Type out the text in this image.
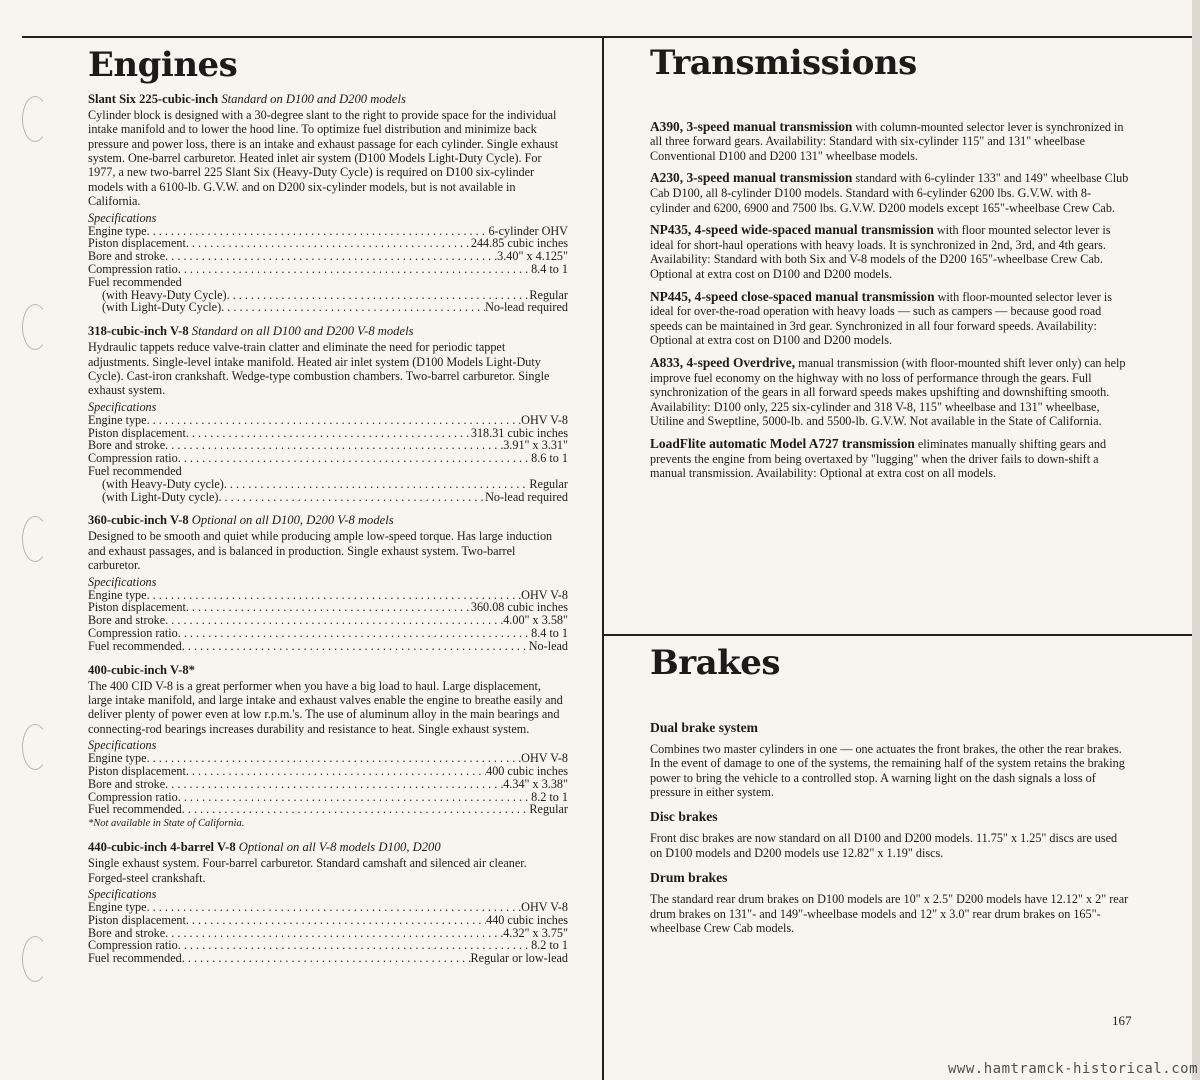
Engines

Slant Six 225-cubic-inch Standard on D100 and D200 models

Cylinder block is designed with a 30-degree slant to the right to provide space for the individual intake manifold and to lower the hood line. To optimize fuel distribution and minimize back pressure and power loss, there is an intake and exhaust passage for each cylinder. Single exhaust system. One-barrel carburetor. Heated inlet air system (D100 Models Light-Duty Cycle). For 1977, a new two-barrel 225 Slant Six (Heavy-Duty Cycle) is required on D100 six-cylinder models with a 6100-lb. G.V.W. and on D200 six-cylinder models, but is not available in California.

Specifications

Engine type . . .	6-cylinder OHV
Piston displacement . . .	244.85 cubic inches
Bore and stroke . . .	3.40" x 4.125"
Compression ratio . . .	8.4 to 1
Fuel recommended
(with Heavy-Duty Cycle) . . .	Regular
(with Light-Duty Cycle) . . .	No-lead required

318-cubic-inch V-8 Standard on all D100 and D200 V-8 models

Hydraulic tappets reduce valve-train clatter and eliminate the need for periodic tappet adjustments. Single-level intake manifold. Heated air inlet system (D100 Models Light-Duty Cycle). Cast-iron crankshaft. Wedge-type combustion chambers. Two-barrel carburetor. Single exhaust system.

Specifications

Engine type . . .	OHV V-8
Piston displacement . . .	318.31 cubic inches
Bore and stroke . . .	3.91" x 3.31"
Compression ratio . . .	8.6 to 1
Fuel recommended
(with Heavy-Duty cycle) . . .	Regular
(with Light-Duty cycle) . . .	No-lead required

360-cubic-inch V-8 Optional on all D100, D200 V-8 models

Designed to be smooth and quiet while producing ample low-speed torque. Has large induction and exhaust passages, and is balanced in production. Single exhaust system. Two-barrel carburetor.

Specifications

Engine type . . .	OHV V-8
Piston displacement . . .	360.08 cubic inches
Bore and stroke . . .	4.00" x 3.58"
Compression ratio . . .	8.4 to 1
Fuel recommended . . .	No-lead

400-cubic-inch V-8*

The 400 CID V-8 is a great performer when you have a big load to haul. Large displacement, large intake manifold, and large intake and exhaust valves enable the engine to breathe easily and deliver plenty of power even at low r.p.m.'s. The use of aluminum alloy in the main bearings and connecting-rod bearings increases durability and resistance to heat. Single exhaust system.

Specifications

Engine type . . .	OHV V-8
Piston displacement . . .	400 cubic inches
Bore and stroke . . .	4.34" x 3.38"
Compression ratio . . .	8.2 to 1
Fuel recommended . . .	Regular

*Not available in State of California.

440-cubic-inch 4-barrel V-8 Optional on all V-8 models D100, D200

Single exhaust system. Four-barrel carburetor. Standard camshaft and silenced air cleaner. Forged-steel crankshaft.

Specifications

Engine type . . .	OHV V-8
Piston displacement . . .	440 cubic inches
Bore and stroke . . .	4.32" x 3.75"
Compression ratio . . .	8.2 to 1
Fuel recommended . . .	Regular or low-lead
Transmissions

A390, 3-speed manual transmission with column-mounted selector lever is synchronized in all three forward gears. Availability: Standard with six-cylinder 115" and 131" wheelbase Conventional D100 and D200 131" wheelbase models.

A230, 3-speed manual transmission standard with 6-cylinder 133" and 149" wheelbase Club Cab D100, all 8-cylinder D100 models. Standard with 6-cylinder 6200 lbs. G.V.W. with 8-cylinder and 6200, 6900 and 7500 lbs. G.V.W. D200 models except 165"-wheelbase Crew Cab.

NP435, 4-speed wide-spaced manual transmission with floor mounted selector lever is ideal for short-haul operations with heavy loads. It is synchronized in 2nd, 3rd, and 4th gears. Availability: Standard with both Six and V-8 models of the D200 165"-wheelbase Crew Cab. Optional at extra cost on D100 and D200 models.

NP445, 4-speed close-spaced manual transmission with floor-mounted selector lever is ideal for over-the-road operation with heavy loads — such as campers — because good road speeds can be maintained in 3rd gear. Synchronized in all four forward speeds. Availability: Optional at extra cost on D100 and D200 models.

A833, 4-speed Overdrive, manual transmission (with floor-mounted shift lever only) can help improve fuel economy on the highway with no loss of performance through the gears. Full synchronization of the gears in all forward speeds makes upshifting and downshifting smooth. Availability: D100 only, 225 six-cylinder and 318 V-8, 115" wheelbase and 131" wheelbase, Utiline and Sweptline, 5000-lb. and 5500-lb. G.V.W. Not available in the State of California.

LoadFlite automatic Model A727 transmission eliminates manually shifting gears and prevents the engine from being overtaxed by "lugging" when the driver fails to down-shift a manual transmission. Availability: Optional at extra cost on all models.

Brakes

Dual brake system

Combines two master cylinders in one — one actuates the front brakes, the other the rear brakes. In the event of damage to one of the systems, the remaining half of the system retains the braking power to bring the vehicle to a controlled stop. A warning light on the dash signals a loss of pressure in either system.

Disc brakes

Front disc brakes are now standard on all D100 and D200 models. 11.75" x 1.25" discs are used on D100 models and D200 models use 12.82" x 1.19" discs.

Drum brakes

The standard rear drum brakes on D100 models are 10" x 2.5" D200 models have 12.12" x 2" rear drum brakes on 131"- and 149"-wheelbase models and 12" x 3.0" rear drum brakes on 165"-wheelbase Crew Cab models.

167
www.hamtramck-historical.com
